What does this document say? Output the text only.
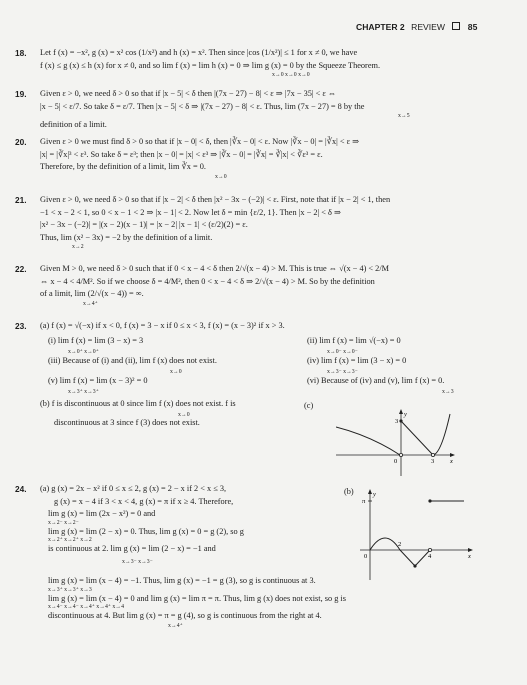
CHAPTER 2 REVIEW	85
18. Let f (x) = −x², g (x) = x² cos (1/x²) and h (x) = x². Then since |cos (1/x²)| ≤ 1 for x ≠ 0, we have
f (x) ≤ g (x) ≤ h (x) for x ≠ 0, and so lim f (x) = lim h (x) = 0 ⇒ lim g (x) = 0 by the Squeeze Theorem.
x→0 x→0 x→0
19. Given ε > 0, we need δ > 0 so that if |x − 5| < δ then |(7x − 27) − 8| < ε ⇒ |7x − 35| < ε ⇔
|x − 5| < ε/7. So take δ = ε/7. Then |x − 5| < δ ⇒ |(7x − 27) − 8| < ε. Thus, lim (7x − 27) = 8 by the
x→5
definition of a limit.
20. Given ε > 0 we must find δ > 0 so that if |x − 0| < δ, then |∛x − 0| < ε. Now |∛x − 0| = |∛x| < ε ⇒
|x| = |∛x|³ < ε³. So take δ = ε³; then |x − 0| = |x| < ε³ ⇒ |∛x − 0| = |∛x| = ∛|x| < ∛ε³ = ε.
Therefore, by the definition of a limit, lim ∛x = 0.
x→0
21. Given ε > 0, we need δ > 0 so that if |x − 2| < δ then |x² − 3x − (−2)| < ε. First, note that if |x − 2| < 1, then
−1 < x − 2 < 1, so 0 < x − 1 < 2 ⇒ |x − 1| < 2. Now let δ = min {ε/2, 1}. Then |x − 2| < δ ⇒
|x² − 3x − (−2)| = |(x − 2)(x − 1)| = |x − 2| |x − 1| < (ε/2)(2) = ε.
Thus, lim (x² − 3x) = −2 by the definition of a limit.
x→2
22. Given M > 0, we need δ > 0 such that if 0 < x − 4 < δ then 2/√(x − 4) > M. This is true ⇔ √(x − 4) < 2/M
⇔ x − 4 < 4/M². So if we choose δ = 4/M², then 0 < x − 4 < δ ⇒ 2/√(x − 4) > M. So by the definition
of a limit, lim (2/√(x − 4)) = ∞.
x→4⁺
23. (a) f (x) = √(−x) if x < 0, f (x) = 3 − x if 0 ≤ x < 3, f (x) = (x − 3)² if x > 3.
(i) lim f (x) = lim (3 − x) = 3
x→0⁺ x→0⁺
(ii) lim f (x) = lim √(−x) = 0
x→0⁻ x→0⁻
(iii) Because of (i) and (ii), lim f (x) does not exist.
x→0
(iv) lim f (x) = lim (3 − x) = 0
x→3⁻ x→3⁻
(v) lim f (x) = lim (x − 3)² = 0
x→3⁺ x→3⁺
(vi) Because of (iv) and (v), lim f (x) = 0.
x→3
(b) f is discontinuous at 0 since lim f (x) does not exist. f is
x→0
discontinuous at 3 since f (3) does not exist.
(c)
y
3
0	3 x
24. (a) g (x) = 2x − x² if 0 ≤ x ≤ 2, g (x) = 2 − x if 2 < x ≤ 3,
g (x) = x − 4 if 3 < x < 4, g (x) = π if x ≥ 4. Therefore,
lim g (x) = lim (2x − x²) = 0 and
x→2⁻ x→2⁻
lim g (x) = lim (2 − x) = 0. Thus, lim g (x) = 0 = g (2), so g
x→2⁺ x→2⁺ x→2
is continuous at 2. lim g (x) = lim (2 − x) = −1 and
x→3⁻ x→3⁻
lim g (x) = lim (x − 4) = −1. Thus, lim g (x) = −1 = g (3), so g is continuous at 3.
x→3⁺ x→3⁺ x→3
lim g (x) = lim (x − 4) = 0 and lim g (x) = lim π = π. Thus, lim g (x) does not exist, so g is
x→4⁻ x→4⁻ x→4⁺ x→4⁺ x→4
discontinuous at 4. But lim g (x) = π = g (4), so g is continuous from the right at 4.
x→4⁺
(b)	y
π
0
2
4	x
